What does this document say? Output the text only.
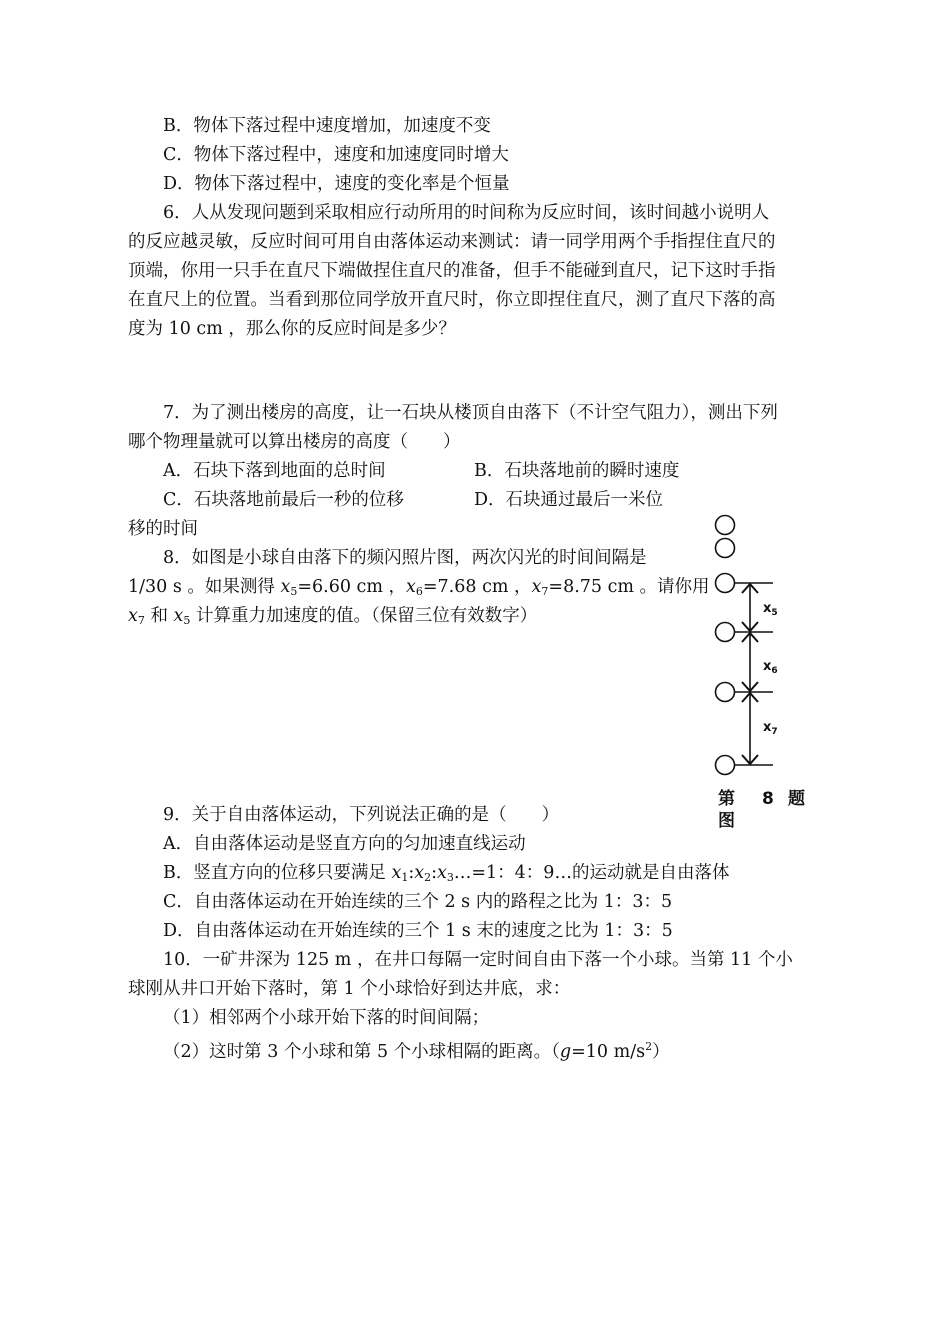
B．物体下落过程中速度增加，加速度不变
C．物体下落过程中，速度和加速度同时增大
D．物体下落过程中，速度的变化率是个恒量
6．人从发现问题到采取相应行动所用的时间称为反应时间，该时间越小说明人
的反应越灵敏，反应时间可用自由落体运动来测试：请一同学用两个手指捏住直尺的
顶端，你用一只手在直尺下端做捏住直尺的准备，但手不能碰到直尺，记下这时手指
在直尺上的位置。当看到那位同学放开直尺时，你立即捏住直尺，测了直尺下落的高
度为 10 cm ，那么你的反应时间是多少？
7．为了测出楼房的高度，让一石块从楼顶自由落下（不计空气阻力），测出下列
哪个物理量就可以算出楼房的高度（　　）
A．石块下落到地面的总时间	B．石块落地前的瞬时速度
C．石块落地前最后一秒的位移	D．石块通过最后一米位
移的时间
8．如图是小球自由落下的频闪照片图，两次闪光的时间间隔是
1/30 s 。如果测得 $x_5=6.60$ cm ，$x_6=7.68$ cm ，$x_7=8.75$ cm 。请你用
$x_7$ 和 $x_5$ 计算重力加速度的值。（保留三位有效数字）	$x_5$
$x_6$
$x_7$
第 8 题
图
9．关于自由落体运动，下列说法正确的是（　　）
A．自由落体运动是竖直方向的匀加速直线运动
B．竖直方向的位移只要满足 $x_1:x_2:x_3\dots=1$：4：9…的运动就是自由落体
C．自由落体运动在开始连续的三个 2 s 内的路程之比为 1：3：5
D．自由落体运动在开始连续的三个 1 s 末的速度之比为 1：3：5
10．一矿井深为 125 m ，在井口每隔一定时间自由下落一个小球。当第 11 个小
球刚从井口开始下落时，第 1 个小球恰好到达井底，求：
（1）相邻两个小球开始下落的时间间隔；
（2）这时第 3 个小球和第 5 个小球相隔的距离。（g=10 $m/s^2$）
